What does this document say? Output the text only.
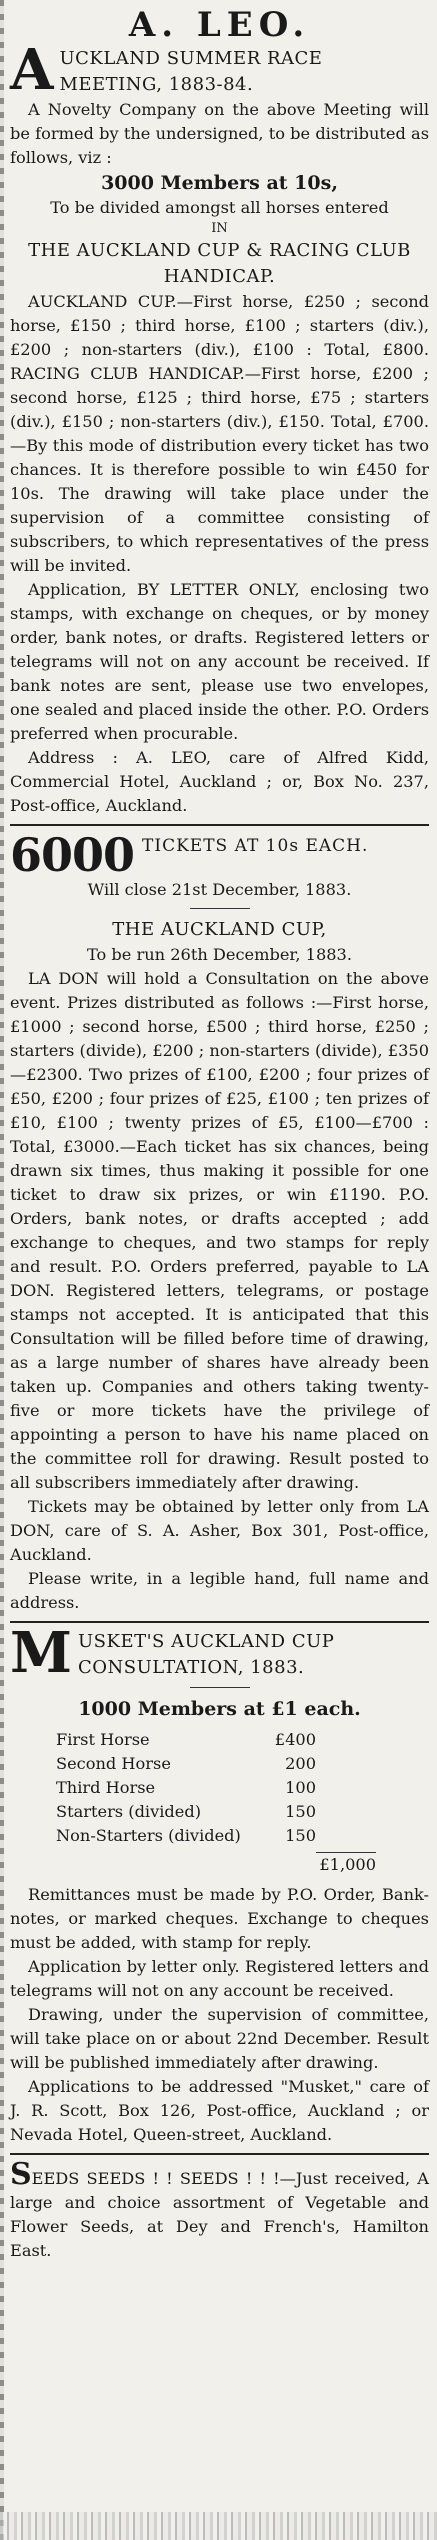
A. LEO.
A UCKLAND SUMMER RACE MEETING, 1883-84.

A Novelty Company on the above Meeting will be formed by the undersigned, to be distributed as follows, viz :

3000 Members at 10s,

To be divided amongst all horses entered

IN
THE AUCKLAND CUP & RACING CLUB HANDICAP.

AUCKLAND CUP.—First horse, £250 ; second horse, £150 ; third horse, £100 ; starters (div.), £200 ; non-starters (div.), £100 : Total, £800. RACING CLUB HANDICAP.—First horse, £200 ; second horse, £125 ; third horse, £75 ; starters (div.), £150 ; non-starters (div.), £150. Total, £700.—By this mode of distribution every ticket has two chances. It is therefore possible to win £450 for 10s. The drawing will take place under the supervision of a committee consisting of subscribers, to which representatives of the press will be invited.

Application, BY LETTER ONLY, enclosing two stamps, with exchange on cheques, or by money order, bank notes, or drafts. Registered letters or telegrams will not on any account be received. If bank notes are sent, please use two envelopes, one sealed and placed inside the other. P.O. Orders preferred when procurable.

Address : A. LEO, care of Alfred Kidd, Commercial Hotel, Auckland ; or, Box No. 237, Post-office, Auckland.

6000 TICKETS AT 10s EACH.

Will close 21st December, 1883.

THE AUCKLAND CUP,

To be run 26th December, 1883.

LA DON will hold a Consultation on the above event. Prizes distributed as follows :—First horse, £1000 ; second horse, £500 ; third horse, £250 ; starters (divide), £200 ; non-starters (divide), £350—£2300. Two prizes of £100, £200 ; four prizes of £50, £200 ; four prizes of £25, £100 ; ten prizes of £10, £100 ; twenty prizes of £5, £100—£700 : Total, £3000.—Each ticket has six chances, being drawn six times, thus making it possible for one ticket to draw six prizes, or win £1190. P.O. Orders, bank notes, or drafts accepted ; add exchange to cheques, and two stamps for reply and result. P.O. Orders preferred, payable to LA DON. Registered letters, telegrams, or postage stamps not accepted. It is anticipated that this Consultation will be filled before time of drawing, as a large number of shares have already been taken up. Companies and others taking twenty-five or more tickets have the privilege of appointing a person to have his name placed on the committee roll for drawing. Result posted to all subscribers immediately after drawing.

Tickets may be obtained by letter only from LA DON, care of S. A. Asher, Box 301, Post-office, Auckland.

Please write, in a legible hand, full name and address.

M USKET'S AUCKLAND CUP CONSULTATION, 1883.
1000 Members at £1 each.
First Horse	£400
Second Horse	200
Third Horse	100
Starters (divided)	150
Non-Starters (divided)	150
£1,000

Remittances must be made by P.O. Order, Bank-notes, or marked cheques. Exchange to cheques must be added, with stamp for reply.

Application by letter only. Registered letters and telegrams will not on any account be received.

Drawing, under the supervision of committee, will take place on or about 22nd December. Result will be published immediately after drawing.

Applications to be addressed "Musket," care of J. R. Scott, Box 126, Post-office, Auckland ; or Nevada Hotel, Queen-street, Auckland.

SEEDS SEEDS ! ! SEEDS ! ! !—Just received, A large and choice assortment of Vegetable and Flower Seeds, at Dey and French's, Hamilton East.
